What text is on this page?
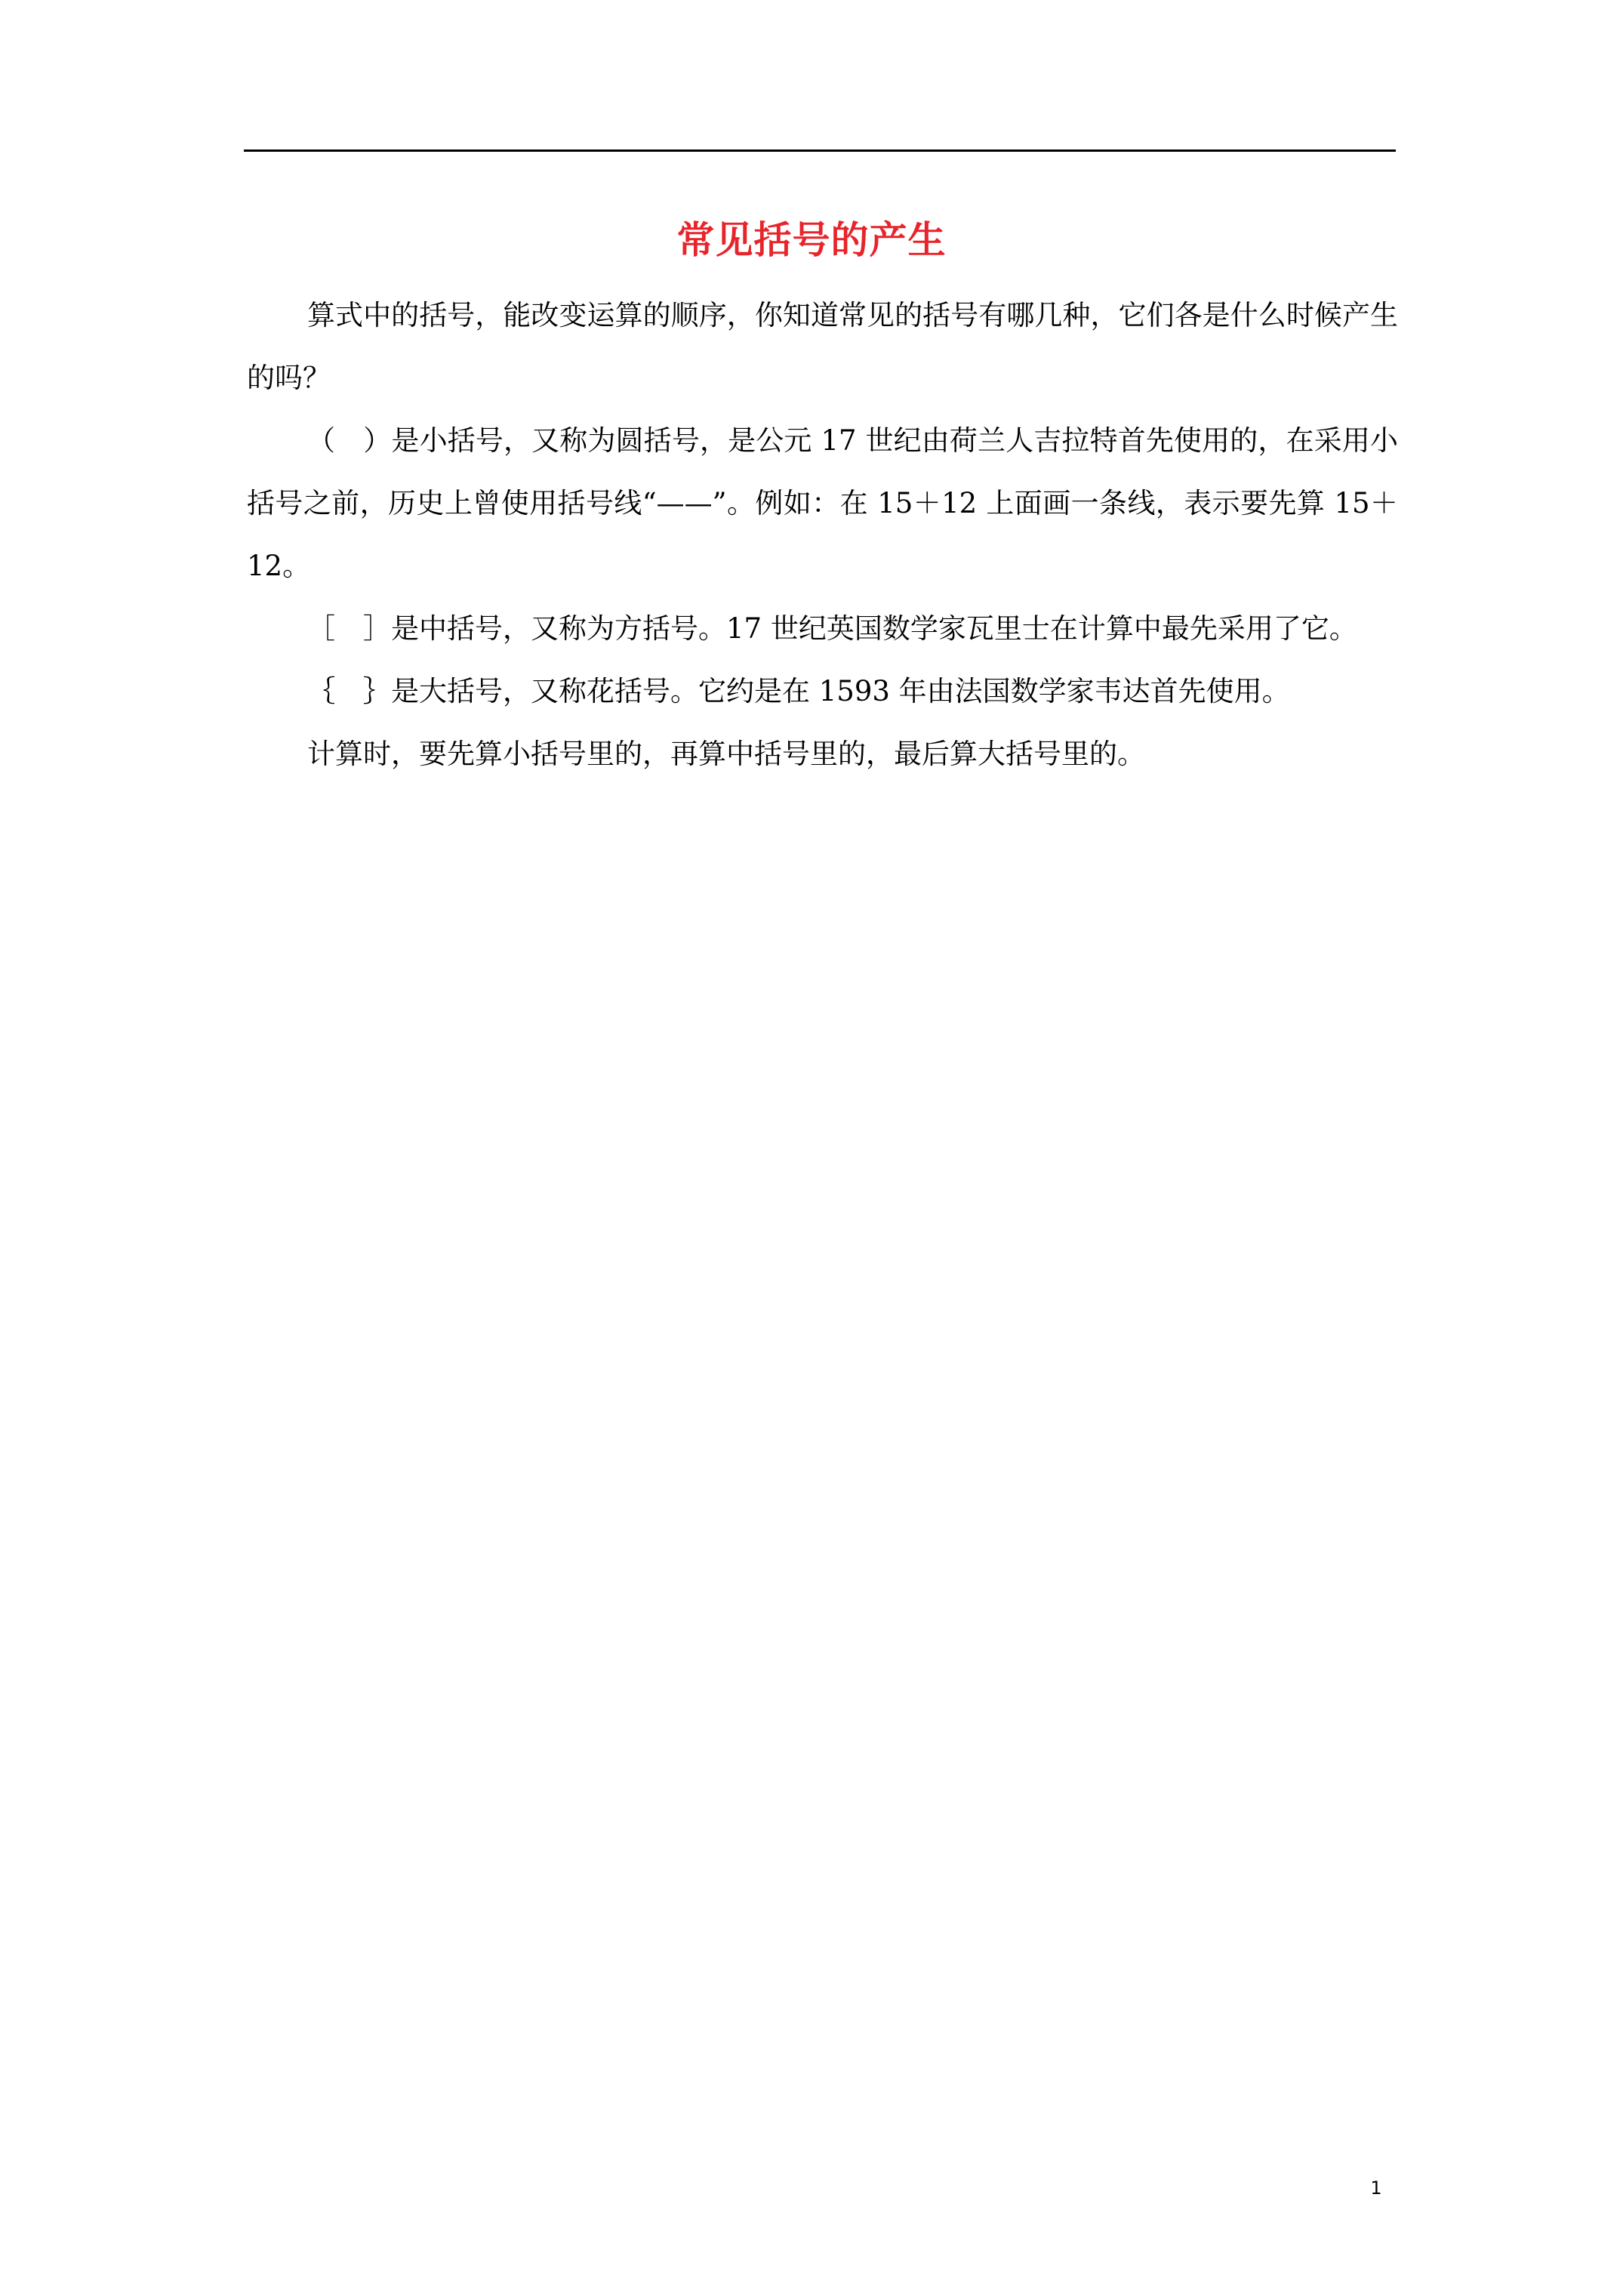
常见括号的产生

算式中的括号，能改变运算的顺序，你知道常见的括号有哪几种，它们各是什么时候产生的吗？

（　）是小括号，又称为圆括号，是公元 17 世纪由荷兰人吉拉特首先使用的，在采用小括号之前，历史上曾使用括号线“——”。例如：在 15＋12 上面画一条线，表示要先算 15＋12。

［　］是中括号，又称为方括号。17 世纪英国数学家瓦里士在计算中最先采用了它。

｛　｝是大括号，又称花括号。它约是在 1593 年由法国数学家韦达首先使用。

计算时，要先算小括号里的，再算中括号里的，最后算大括号里的。

1
